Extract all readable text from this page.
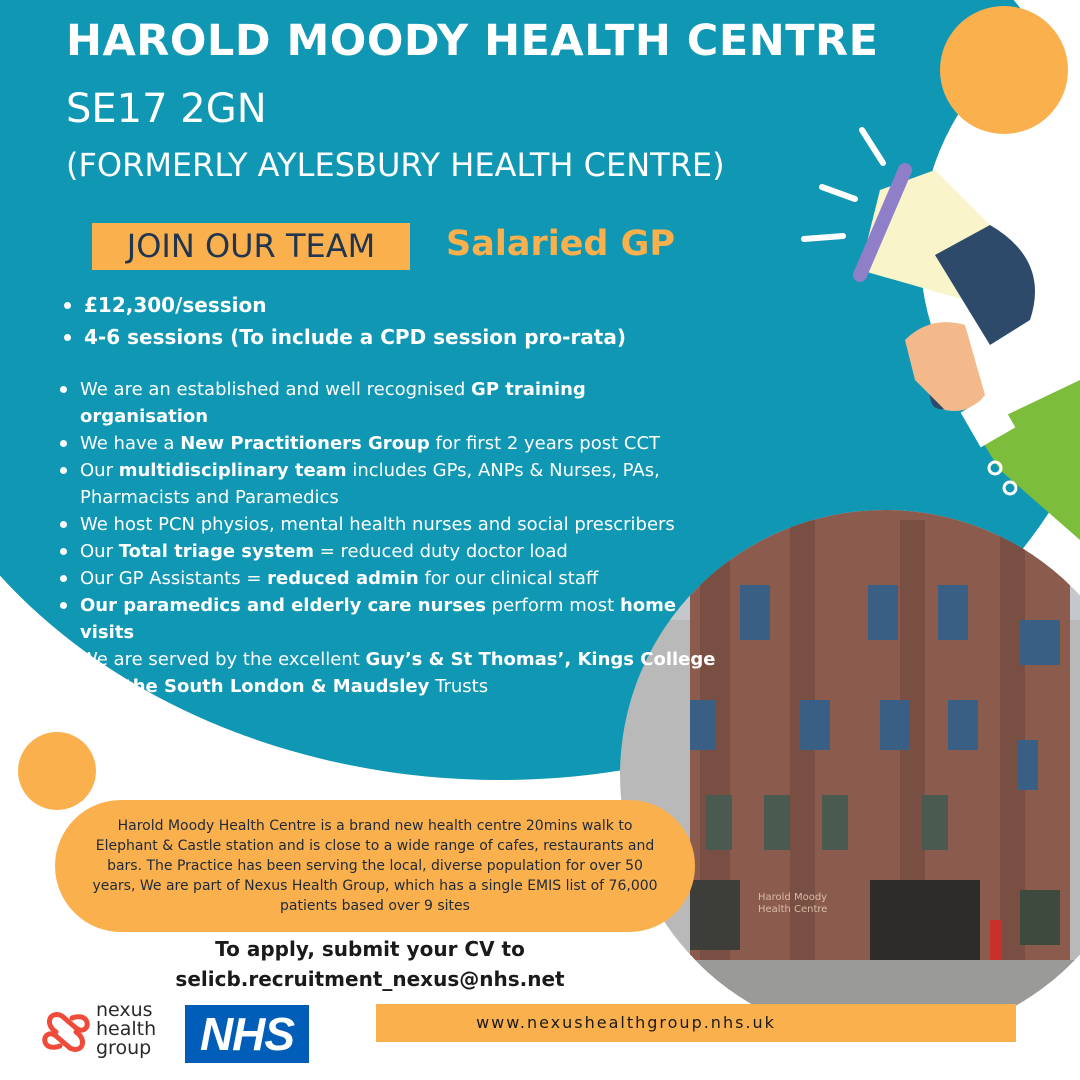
HAROLD MOODY HEALTH CENTRE
SE17 2GN
(FORMERLY AYLESBURY HEALTH CENTRE)
JOIN OUR TEAM	Salaried GP
£12,300/session
4-6 sessions (To include a CPD session pro-rata)
We are an established and well recognised GP training organisation
We have a New Practitioners Group for first 2 years post CCT
Our multidisciplinary team includes GPs, ANPs & Nurses, PAs, Pharmacists and Paramedics
We host PCN physios, mental health nurses and social prescribers
Our Total triage system = reduced duty doctor load
Our GP Assistants = reduced admin for our clinical staff
Our paramedics and elderly care nurses perform most home visits
We are served by the excellent Guy’s & St Thomas’, Kings College and the South London & Maudsley Trusts
Harold Moody
Health Centre
Harold Moody Health Centre is a brand new health centre 20mins walk to Elephant & Castle station and is close to a wide range of cafes, restaurants and bars. The Practice has been serving the local, diverse population for over 50 years, We are part of Nexus Health Group, which has a single EMIS list of 76,000 patients based over 9 sites
To apply, submit your CV to
selicb.recruitment_nexus@nhs.net
www.nexushealthgroup.nhs.uk
nexus
health
group NHS
